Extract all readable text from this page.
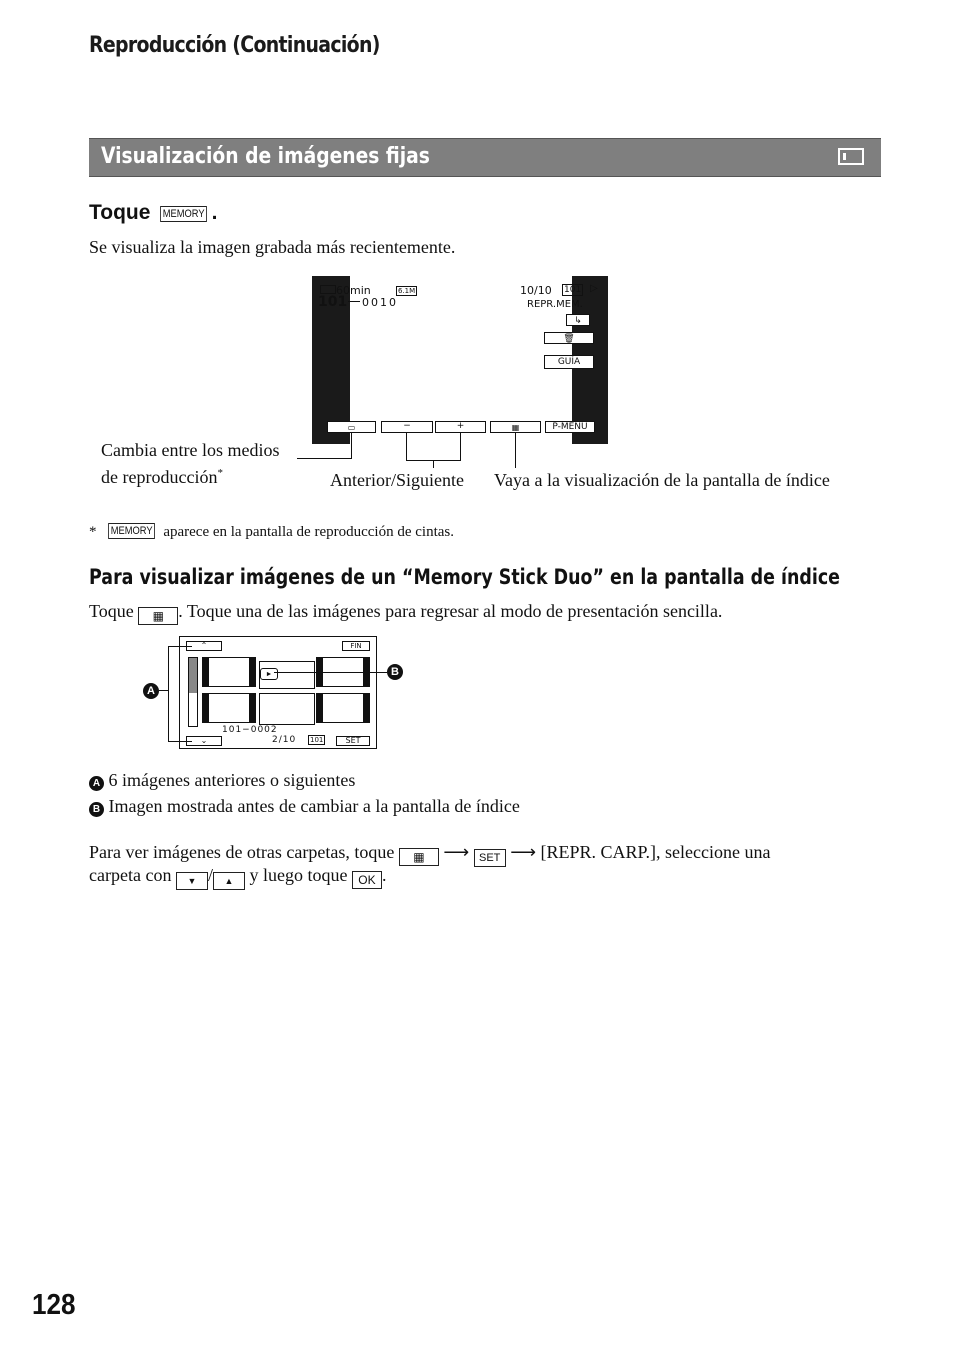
Reproducción (Continuación)
Visualización de imágenes fijas
Toque MEMORY .
Se visualiza la imagen grabada más recientemente.
60min	6.1M
101 0010
10/10 101 ▷
REPR.MEM.
↳
🗑
GUÍA
▭	−	+	▦	P-MENU
Cambia entre los medios
de reproducción*	Anterior/Siguiente Vaya a la visualización de la pantalla de índice
* MEMORY aparece en la pantalla de reproducción de cintas.
Para visualizar imágenes de un “Memory Stick Duo” en la pantalla de índice
Toque ▦ . Toque una de las imágenes para regresar al modo de presentación sencilla.
⌃	FIN
►
101−0002
⌄	2/10 101	SET
A
B
A 6 imágenes anteriores o siguientes
B Imagen mostrada antes de cambiar a la pantalla de índice
Para ver imágenes de otras carpetas, toque ▦ ⟶ SET ⟶ [REPR. CARP.], seleccione una
carpeta con ▼ / ▲ y luego toque OK .
128
